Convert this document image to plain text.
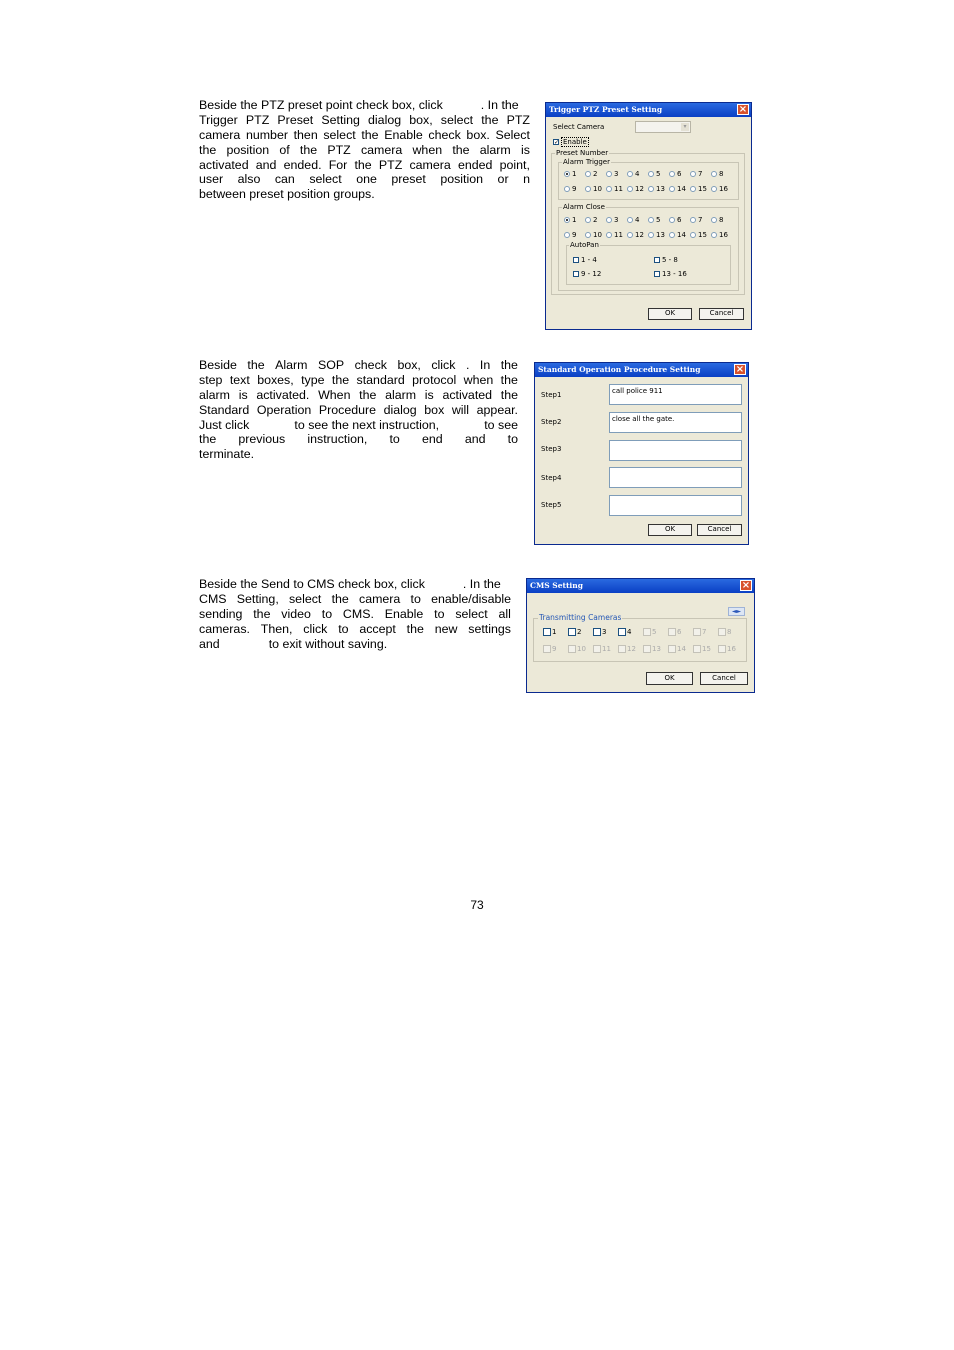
Beside the PTZ preset point check box, click	. In the
Trigger PTZ Preset Setting dialog box, select the PTZ
camera number then select the Enable check box. Select
the position of the PTZ camera when the alarm is
activated and ended. For the PTZ camera ended point,
user also can select one preset position or n
between preset position groups.
Beside the Alarm SOP check box, click . In the
step text boxes, type the standard protocol when the
alarm is activated. When the alarm is activated the
Standard Operation Procedure dialog box will appear.
Just click	to see the next instruction,	to see
the previous instruction, to end and to
terminate.
Beside the Send to CMS check box, click	. In the
CMS Setting, select the camera to enable/disable
sending the video to CMS. Enable to select all
cameras. Then, click to accept the new settings
and	to exit without saving.
Trigger PTZ Preset Setting	×
Select Camera	▾
✓ Enable
Preset Number
Alarm Trigger
1 2 3 4 5 6 7 8
9 10 11 12 13 14 15 16
Alarm Close
1 2 3 4 5 6 7 8
9 10 11 12 13 14 15 16
AutoPan
1 - 4	5 - 8
9 - 12	13 - 16
OK	Cancel
Standard Operation Procedure Setting	×
Step1	call police 911
Step2	close all the gate.
Step3
Step4
Step5
OK	Cancel
CMS Setting	×
◄►
Transmitting Cameras
1	2	3	4	5	6	7	8
9	10 11 12 13 14 15 16
OK	Cancel
73
